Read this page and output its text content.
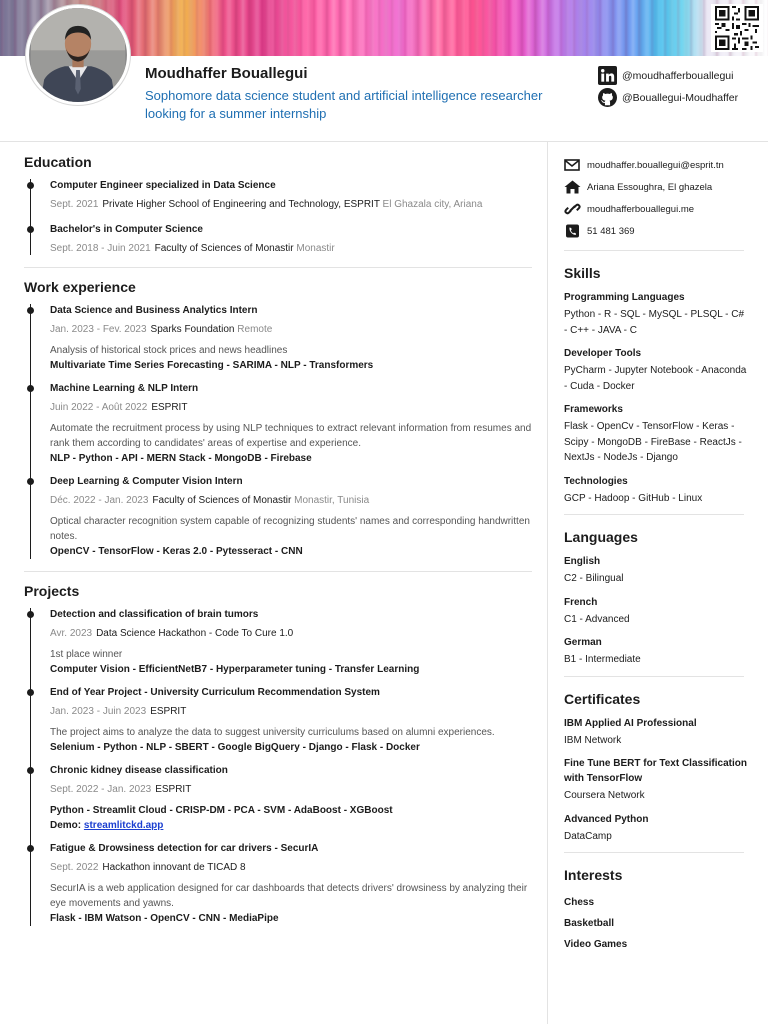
Moudhaffer Bouallegui
Sophomore data science student and artificial intelligence researcher looking for a summer internship
@moudhafferbouallegui
@Bouallegui-Moudhaffer
Education
Computer Engineer specialized in Data Science
Sept. 2021 Private Higher School of Engineering and Technology, ESPRIT El Ghazala city, Ariana
Bachelor's in Computer Science
Sept. 2018 - Juin 2021 Faculty of Sciences of Monastir Monastir
Work experience
Data Science and Business Analytics Intern
Jan. 2023 - Fev. 2023 Sparks Foundation Remote
Analysis of historical stock prices and news headlines
Multivariate Time Series Forecasting - SARIMA - NLP - Transformers
Machine Learning & NLP Intern
Juin 2022 - Août 2022 ESPRIT
Automate the recruitment process by using NLP techniques to extract relevant information from resumes and rank them according to candidates' areas of expertise and experience.
NLP - Python - API - MERN Stack - MongoDB - Firebase
Deep Learning & Computer Vision Intern
Déc. 2022 - Jan. 2023 Faculty of Sciences of Monastir Monastir, Tunisia
Optical character recognition system capable of recognizing students' names and corresponding handwritten notes.
OpenCV - TensorFlow - Keras 2.0 - Pytesseract - CNN
Projects
Detection and classification of brain tumors
Avr. 2023 Data Science Hackathon - Code To Cure 1.0
1st place winner
Computer Vision - EfficientNetB7 - Hyperparameter tuning - Transfer Learning
End of Year Project - University Curriculum Recommendation System
Jan. 2023 - Juin 2023 ESPRIT
The project aims to analyze the data to suggest university curriculums based on alumni experiences.
Selenium - Python - NLP - SBERT - Google BigQuery - Django - Flask - Docker
Chronic kidney disease classification
Sept. 2022 - Jan. 2023 ESPRIT
Python - Streamlit Cloud - CRISP-DM - PCA - SVM - AdaBoost - XGBoost
Demo: streamlitckd.app
Fatigue & Drowsiness detection for car drivers - SecurIA
Sept. 2022 Hackathon innovant de TICAD 8
SecurIA is a web application designed for car dashboards that detects drivers' drowsiness by analyzing their eye movements and yawns.
Flask - IBM Watson - OpenCV - CNN - MediaPipe
moudhaffer.bouallegui@esprit.tn
Ariana Essoughra, El ghazela
moudhafferbouallegui.me
51 481 369
Skills
Programming Languages
Python - R - SQL - MySQL - PLSQL - C# - C++ - JAVA - C
Developer Tools
PyCharm - Jupyter Notebook - Anaconda - Cuda - Docker
Frameworks
Flask - OpenCv - TensorFlow - Keras - Scipy - MongoDB - FireBase - ReactJs - NextJs - NodeJs - Django
Technologies
GCP - Hadoop - GitHub - Linux
Languages
English
C2 - Bilingual
French
C1 - Advanced
German
B1 - Intermediate
Certificates
IBM Applied AI Professional
IBM Network
Fine Tune BERT for Text Classification with TensorFlow
Coursera Network
Advanced Python
DataCamp
Interests
Chess
Basketball
Video Games
